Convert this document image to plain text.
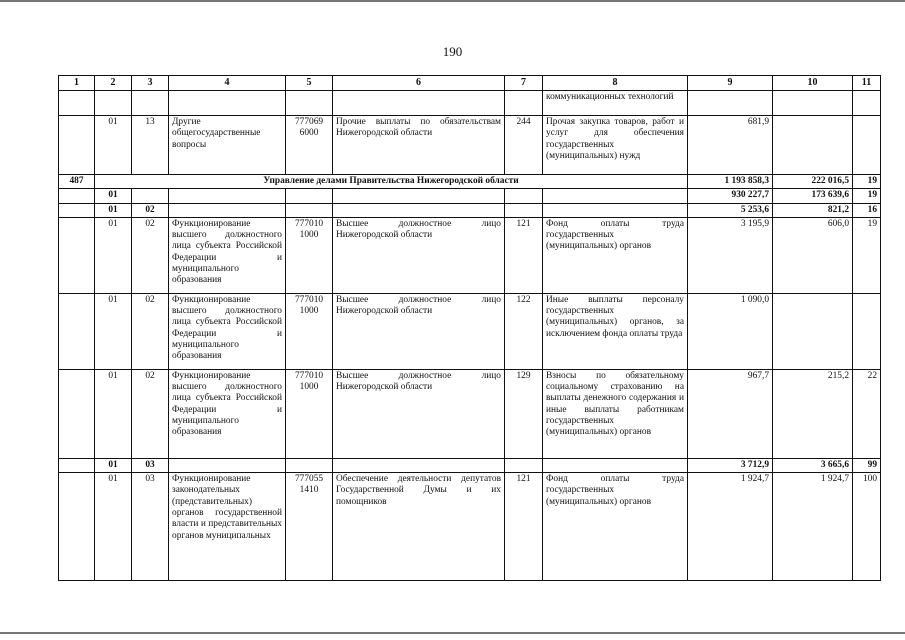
190
1	2	3	4	5	6	7	8	9	10	11
							коммуникационных технологий			
	01	13	Другие общегосударственные вопросы	777069 6000	Прочие выплаты по обязательствам Нижегородской области	244	Прочая закупка товаров, работ и услуг для обеспечения государственных (муниципальных) нужд	681,9		
487	Управление делами Правительства Нижегородской области							1 193 858,3	222 016,5	19
	01							930 227,7	173 639,6	19
	01	02						5 253,6	821,2	16
	01	02	Функционирование высшего должностного лица субъекта Российской Федерации и муниципального образования	777010 1000	Высшее должностное лицо Нижегородской области	121	Фонд оплаты труда государственных (муниципальных) органов	3 195,9	606,0	19
	01	02	Функционирование высшего должностного лица субъекта Российской Федерации и муниципального образования	777010 1000	Высшее должностное лицо Нижегородской области	122	Иные выплаты персоналу государственных (муниципальных) органов, за исключением фонда оплаты труда	1 090,0		
	01	02	Функционирование высшего должностного лица субъекта Российской Федерации и муниципального образования	777010 1000	Высшее должностное лицо Нижегородской области	129	Взносы по обязательному социальному страхованию на выплаты денежного содержания и иные выплаты работникам государственных (муниципальных) органов	967,7	215,2	22
	01	03						3 712,9	3 665,6	99
	01	03	Функционирование законодательных (представительных) органов государственной власти и представительных органов муниципальных	777055 1410	Обеспечение деятельности депутатов Государственной Думы и их помощников	121	Фонд оплаты труда государственных (муниципальных) органов	1 924,7	1 924,7	100
